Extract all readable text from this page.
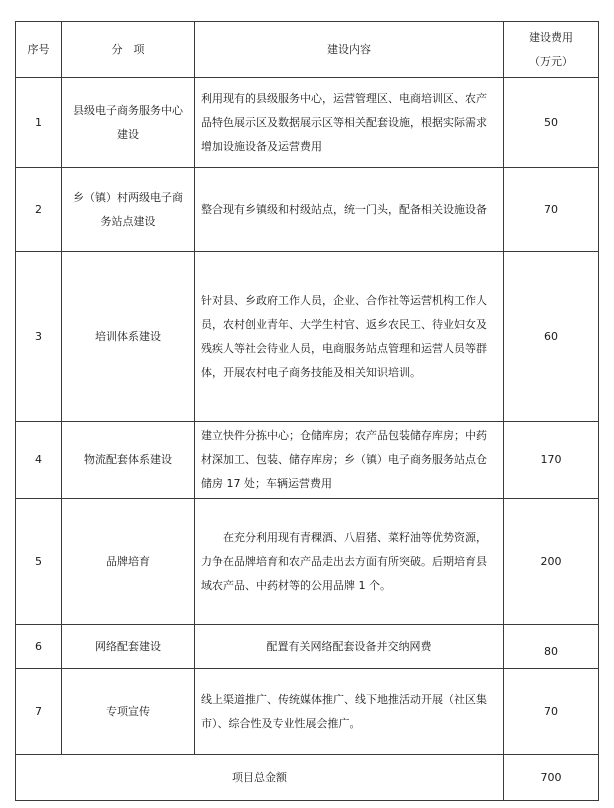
序号	分　项	建设内容	建设费用
（万元）

1	县级电子商务服务中心建设	利用现有的县级服务中心，运营管理区、电商培训区、农产品特色展示区及数据展示区等相关配套设施，根据实际需求增加设施设备及运营费用	50
2	乡（镇）村两级电子商务站点建设	整合现有乡镇级和村级站点，统一门头，配备相关设施设备	70
3	培训体系建设	针对县、乡政府工作人员，企业、合作社等运营机构工作人员，农村创业青年、大学生村官、返乡农民工、待业妇女及残疾人等社会待业人员，电商服务站点管理和运营人员等群体，开展农村电子商务技能及相关知识培训。	60
4	物流配套体系建设	建立快件分拣中心；仓储库房；农产品包装储存库房；中药材深加工、包装、储存库房；乡（镇）电子商务服务站点仓储房 17 处；车辆运营费用	170
5	品牌培育	在充分利用现有青稞酒、八眉猪、菜籽油等优势资源，力争在品牌培育和农产品走出去方面有所突破。后期培育县域农产品、中药材等的公用品牌 1 个。	200
6	网络配套建设	配置有关网络配套设备并交纳网费	80
7	专项宣传	线上渠道推广、传统媒体推广、线下地推活动开展（社区集市）、综合性及专业性展会推广。	70
项目总金额			700
